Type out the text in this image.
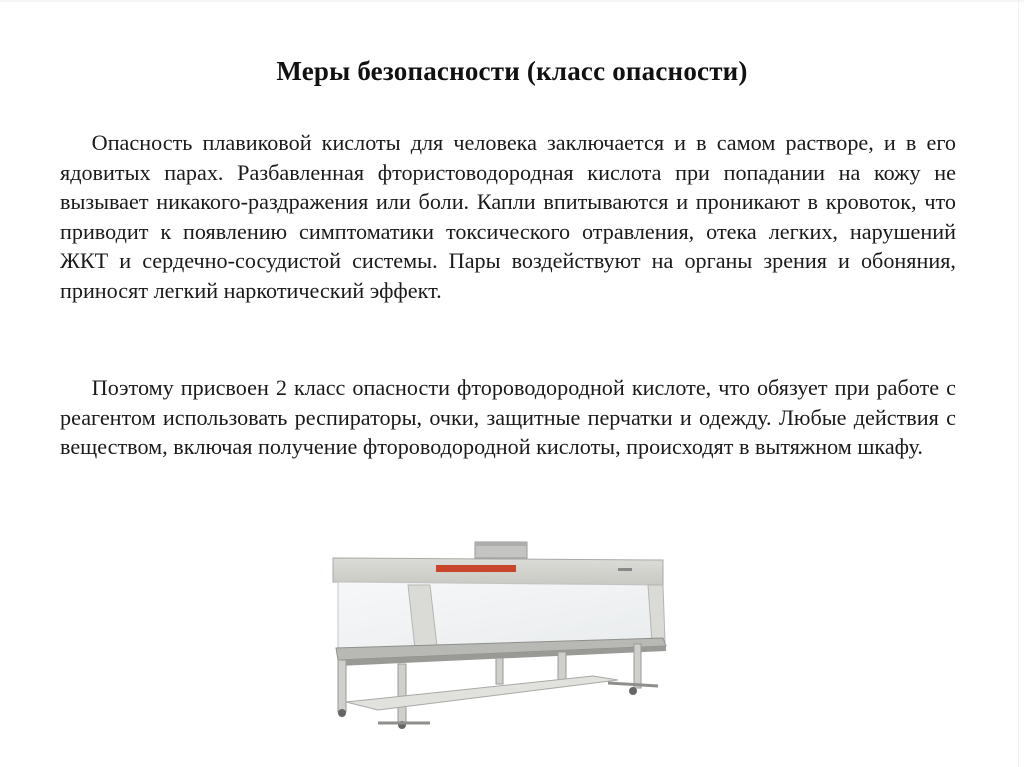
Меры безопасности (класс опасности)
Опасность плавиковой кислоты для человека заключается и в самом растворе, и в его ядовитых парах. Разбавленная фтористоводородная кислота при попадании на кожу не вызывает никакого-раздражения или боли. Капли впитываются и проникают в кровоток, что приводит к появлению симптоматики токсического отравления, отека легких, нарушений ЖКТ и сердечно-сосудистой системы. Пары воздействуют на органы зрения и обоняния, приносят легкий наркотический эффект.
Поэтому присвоен 2 класс опасности фтороводородной кислоте, что обязует при работе с реагентом использовать респираторы, очки, защитные перчатки и одежду. Любые действия с веществом, включая получение фтороводородной кислоты, происходят в вытяжном шкафу.
